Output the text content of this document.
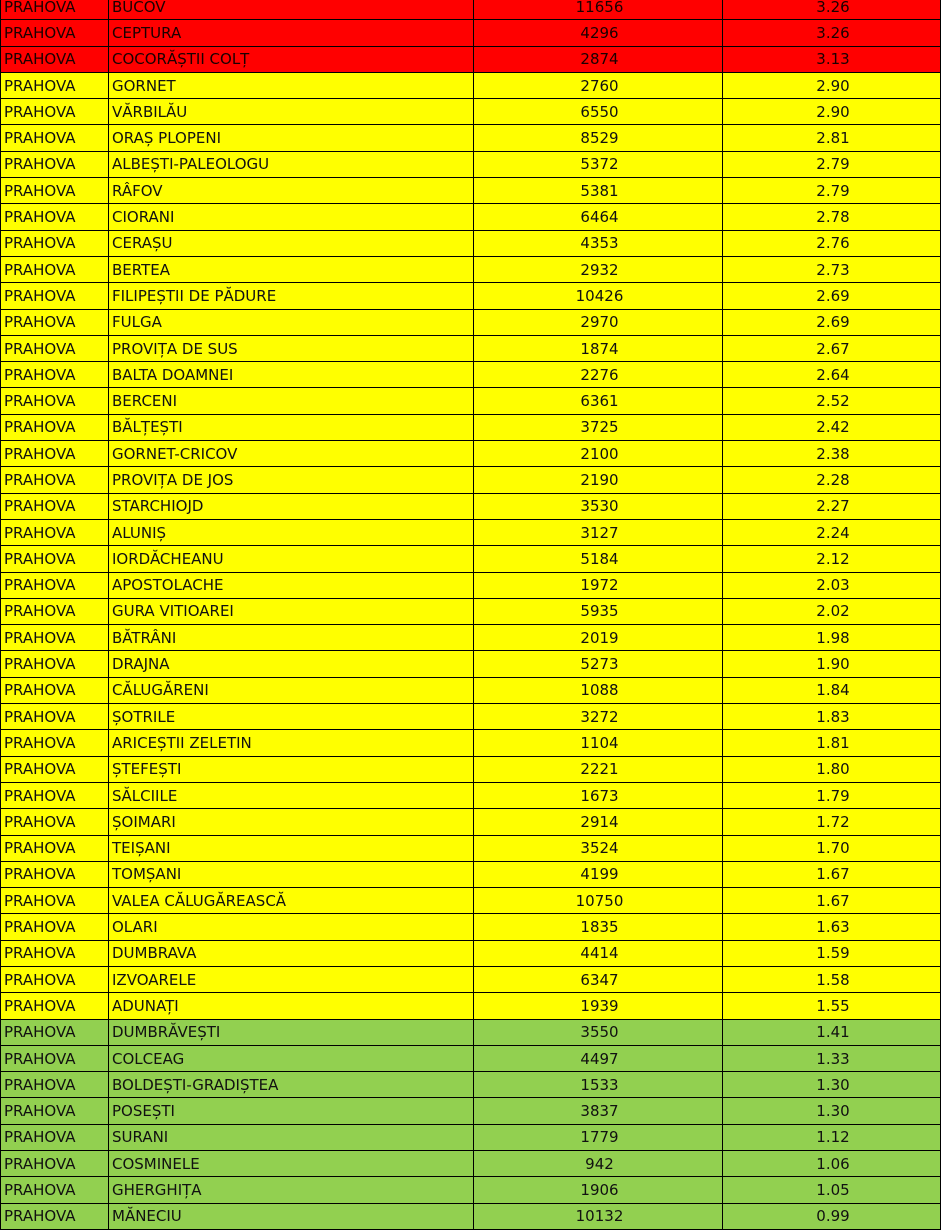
PRAHOVA	BUCOV	11656	3.26
PRAHOVA	CEPTURA	4296	3.26
PRAHOVA	COCORĂȘTII COLȚ	2874	3.13
PRAHOVA	GORNET	2760	2.90
PRAHOVA	VĂRBILĂU	6550	2.90
PRAHOVA	ORAȘ PLOPENI	8529	2.81
PRAHOVA	ALBEȘTI-PALEOLOGU	5372	2.79
PRAHOVA	RÂFOV	5381	2.79
PRAHOVA	CIORANI	6464	2.78
PRAHOVA	CERAȘU	4353	2.76
PRAHOVA	BERTEA	2932	2.73
PRAHOVA	FILIPEȘTII DE PĂDURE	10426	2.69
PRAHOVA	FULGA	2970	2.69
PRAHOVA	PROVIȚA DE SUS	1874	2.67
PRAHOVA	BALTA DOAMNEI	2276	2.64
PRAHOVA	BERCENI	6361	2.52
PRAHOVA	BĂLȚEȘTI	3725	2.42
PRAHOVA	GORNET-CRICOV	2100	2.38
PRAHOVA	PROVIȚA DE JOS	2190	2.28
PRAHOVA	STARCHIOJD	3530	2.27
PRAHOVA	ALUNIȘ	3127	2.24
PRAHOVA	IORDĂCHEANU	5184	2.12
PRAHOVA	APOSTOLACHE	1972	2.03
PRAHOVA	GURA VITIOAREI	5935	2.02
PRAHOVA	BĂTRÂNI	2019	1.98
PRAHOVA	DRAJNA	5273	1.90
PRAHOVA	CĂLUGĂRENI	1088	1.84
PRAHOVA	ȘOTRILE	3272	1.83
PRAHOVA	ARICEȘTII ZELETIN	1104	1.81
PRAHOVA	ȘTEFEȘTI	2221	1.80
PRAHOVA	SĂLCIILE	1673	1.79
PRAHOVA	ȘOIMARI	2914	1.72
PRAHOVA	TEIȘANI	3524	1.70
PRAHOVA	TOMȘANI	4199	1.67
PRAHOVA	VALEA CĂLUGĂREASCĂ	10750	1.67
PRAHOVA	OLARI	1835	1.63
PRAHOVA	DUMBRAVA	4414	1.59
PRAHOVA	IZVOARELE	6347	1.58
PRAHOVA	ADUNAȚI	1939	1.55
PRAHOVA	DUMBRĂVEȘTI	3550	1.41
PRAHOVA	COLCEAG	4497	1.33
PRAHOVA	BOLDEȘTI-GRADIȘTEA	1533	1.30
PRAHOVA	POSEȘTI	3837	1.30
PRAHOVA	SURANI	1779	1.12
PRAHOVA	COSMINELE	942	1.06
PRAHOVA	GHERGHIȚA	1906	1.05
PRAHOVA	MĂNECIU	10132	0.99
